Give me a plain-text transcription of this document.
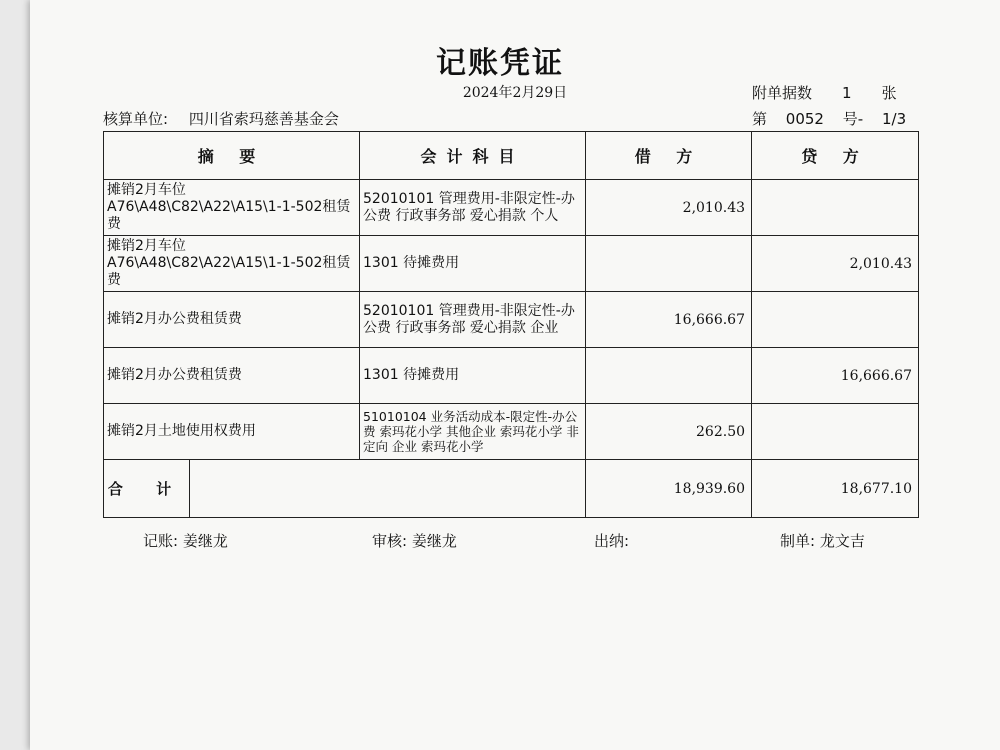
记账凭证
2024年2月29日	附单据数 1 张
核算单位: 四川省索玛慈善基金会	第 0052 号- 1/3
摘 要		会计科目	借 方	贷 方
摊销2月车位A76\A48\C82\A22\A15\1-1-502租赁费		52010101 管理费用-非限定性-办公费 行政事务部 爱心捐款 个人	2,010.43	
摊销2月车位A76\A48\C82\A22\A15\1-1-502租赁费		1301 待摊费用		2,010.43
摊销2月办公费租赁费		52010101 管理费用-非限定性-办公费 行政事务部 爱心捐款 企业	16,666.67	
摊销2月办公费租赁费		1301 待摊费用		16,666.67
摊销2月土地使用权费用		51010104 业务活动成本-限定性-办公费 索玛花小学 其他企业 索玛花小学 非定向 企业 索玛花小学	262.50	
合 计			18,939.60	18,677.10
记账: 姜继龙	审核: 姜继龙	出纳:	制单: 龙文吉
